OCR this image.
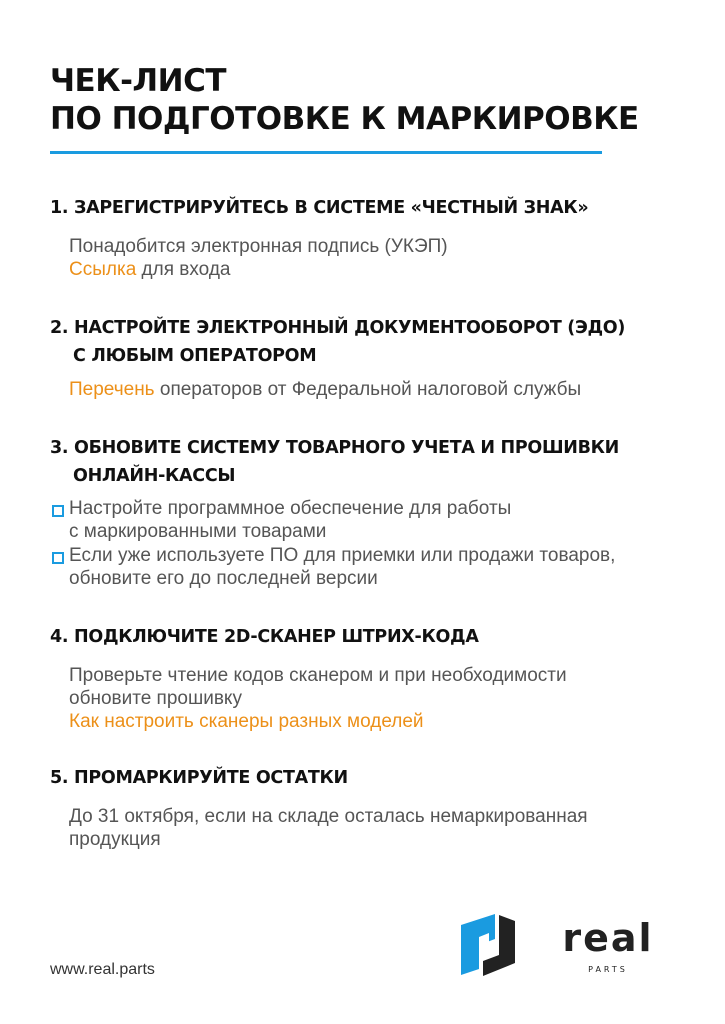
ЧЕК-ЛИСТ
ПО ПОДГОТОВКЕ К МАРКИРОВКЕ
1. ЗАРЕГИСТРИРУЙТЕСЬ В СИСТЕМЕ «ЧЕСТНЫЙ ЗНАК»

Понадобится электронная подпись (УКЭП)

Ссылка для входа

2. НАСТРОЙТЕ ЭЛЕКТРОННЫЙ ДОКУМЕНТООБОРОТ (ЭДО)
С ЛЮБЫМ ОПЕРАТОРОМ

Перечень операторов от Федеральной налоговой службы

3. ОБНОВИТЕ СИСТЕМУ ТОВАРНОГО УЧЕТА И ПРОШИВКИ
ОНЛАЙН-КАССЫ

Настройте программное обеспечение для работы

с маркированными товарами

Если уже используете ПО для приемки или продажи товаров,

обновите его до последней версии

4. ПОДКЛЮЧИТЕ 2D-СКАНЕР ШТРИХ-КОДА

Проверьте чтение кодов сканером и при необходимости

обновите прошивку

Как настроить сканеры разных моделей

5. ПРОМАРКИРУЙТЕ ОСТАТКИ

До 31 октября, если на складе осталась немаркированная

продукция

www.real.parts
real
PARTS
